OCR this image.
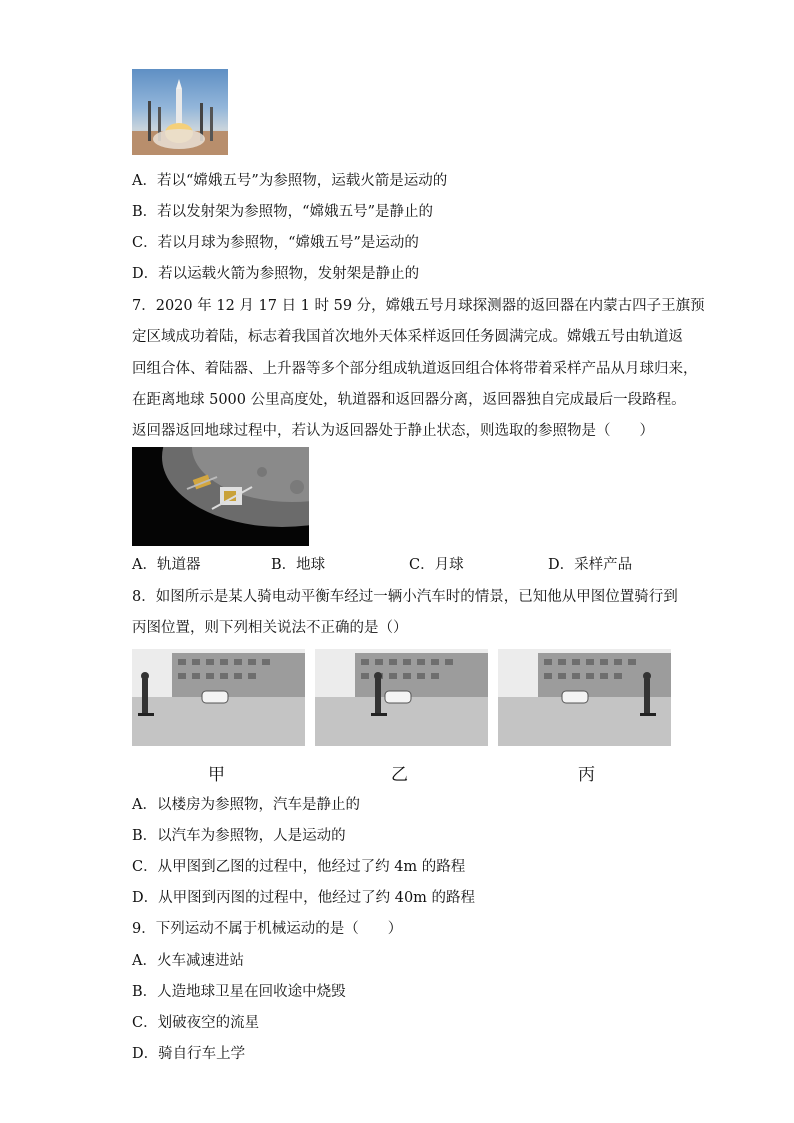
A．若以“嫦娥五号”为参照物，运载火箭是运动的
B．若以发射架为参照物，“嫦娥五号”是静止的
C．若以月球为参照物，“嫦娥五号”是运动的
D．若以运载火箭为参照物，发射架是静止的
7．2020 年 12 月 17 日 1 时 59 分，嫦娥五号月球探测器的返回器在内蒙古四子王旗预
定区域成功着陆，标志着我国首次地外天体采样返回任务圆满完成。嫦娥五号由轨道返
回组合体、着陆器、上升器等多个部分组成轨道返回组合体将带着采样产品从月球归来，
在距离地球 5000 公里高度处，轨道器和返回器分离，返回器独自完成最后一段路程。
返回器返回地球过程中，若认为返回器处于静止状态，则选取的参照物是（　　）
A．轨道器	B．地球	C．月球	D．采样产品
8．如图所示是某人骑电动平衡车经过一辆小汽车时的情景，已知他从甲图位置骑行到
丙图位置，则下列相关说法不正确的是（）
甲	乙	丙
A．以楼房为参照物，汽车是静止的
B．以汽车为参照物，人是运动的
C．从甲图到乙图的过程中，他经过了约 4m 的路程
D．从甲图到丙图的过程中，他经过了约 40m 的路程
9．下列运动不属于机械运动的是（　　）
A．火车减速进站
B．人造地球卫星在回收途中烧毁
C．划破夜空的流星
D．骑自行车上学
